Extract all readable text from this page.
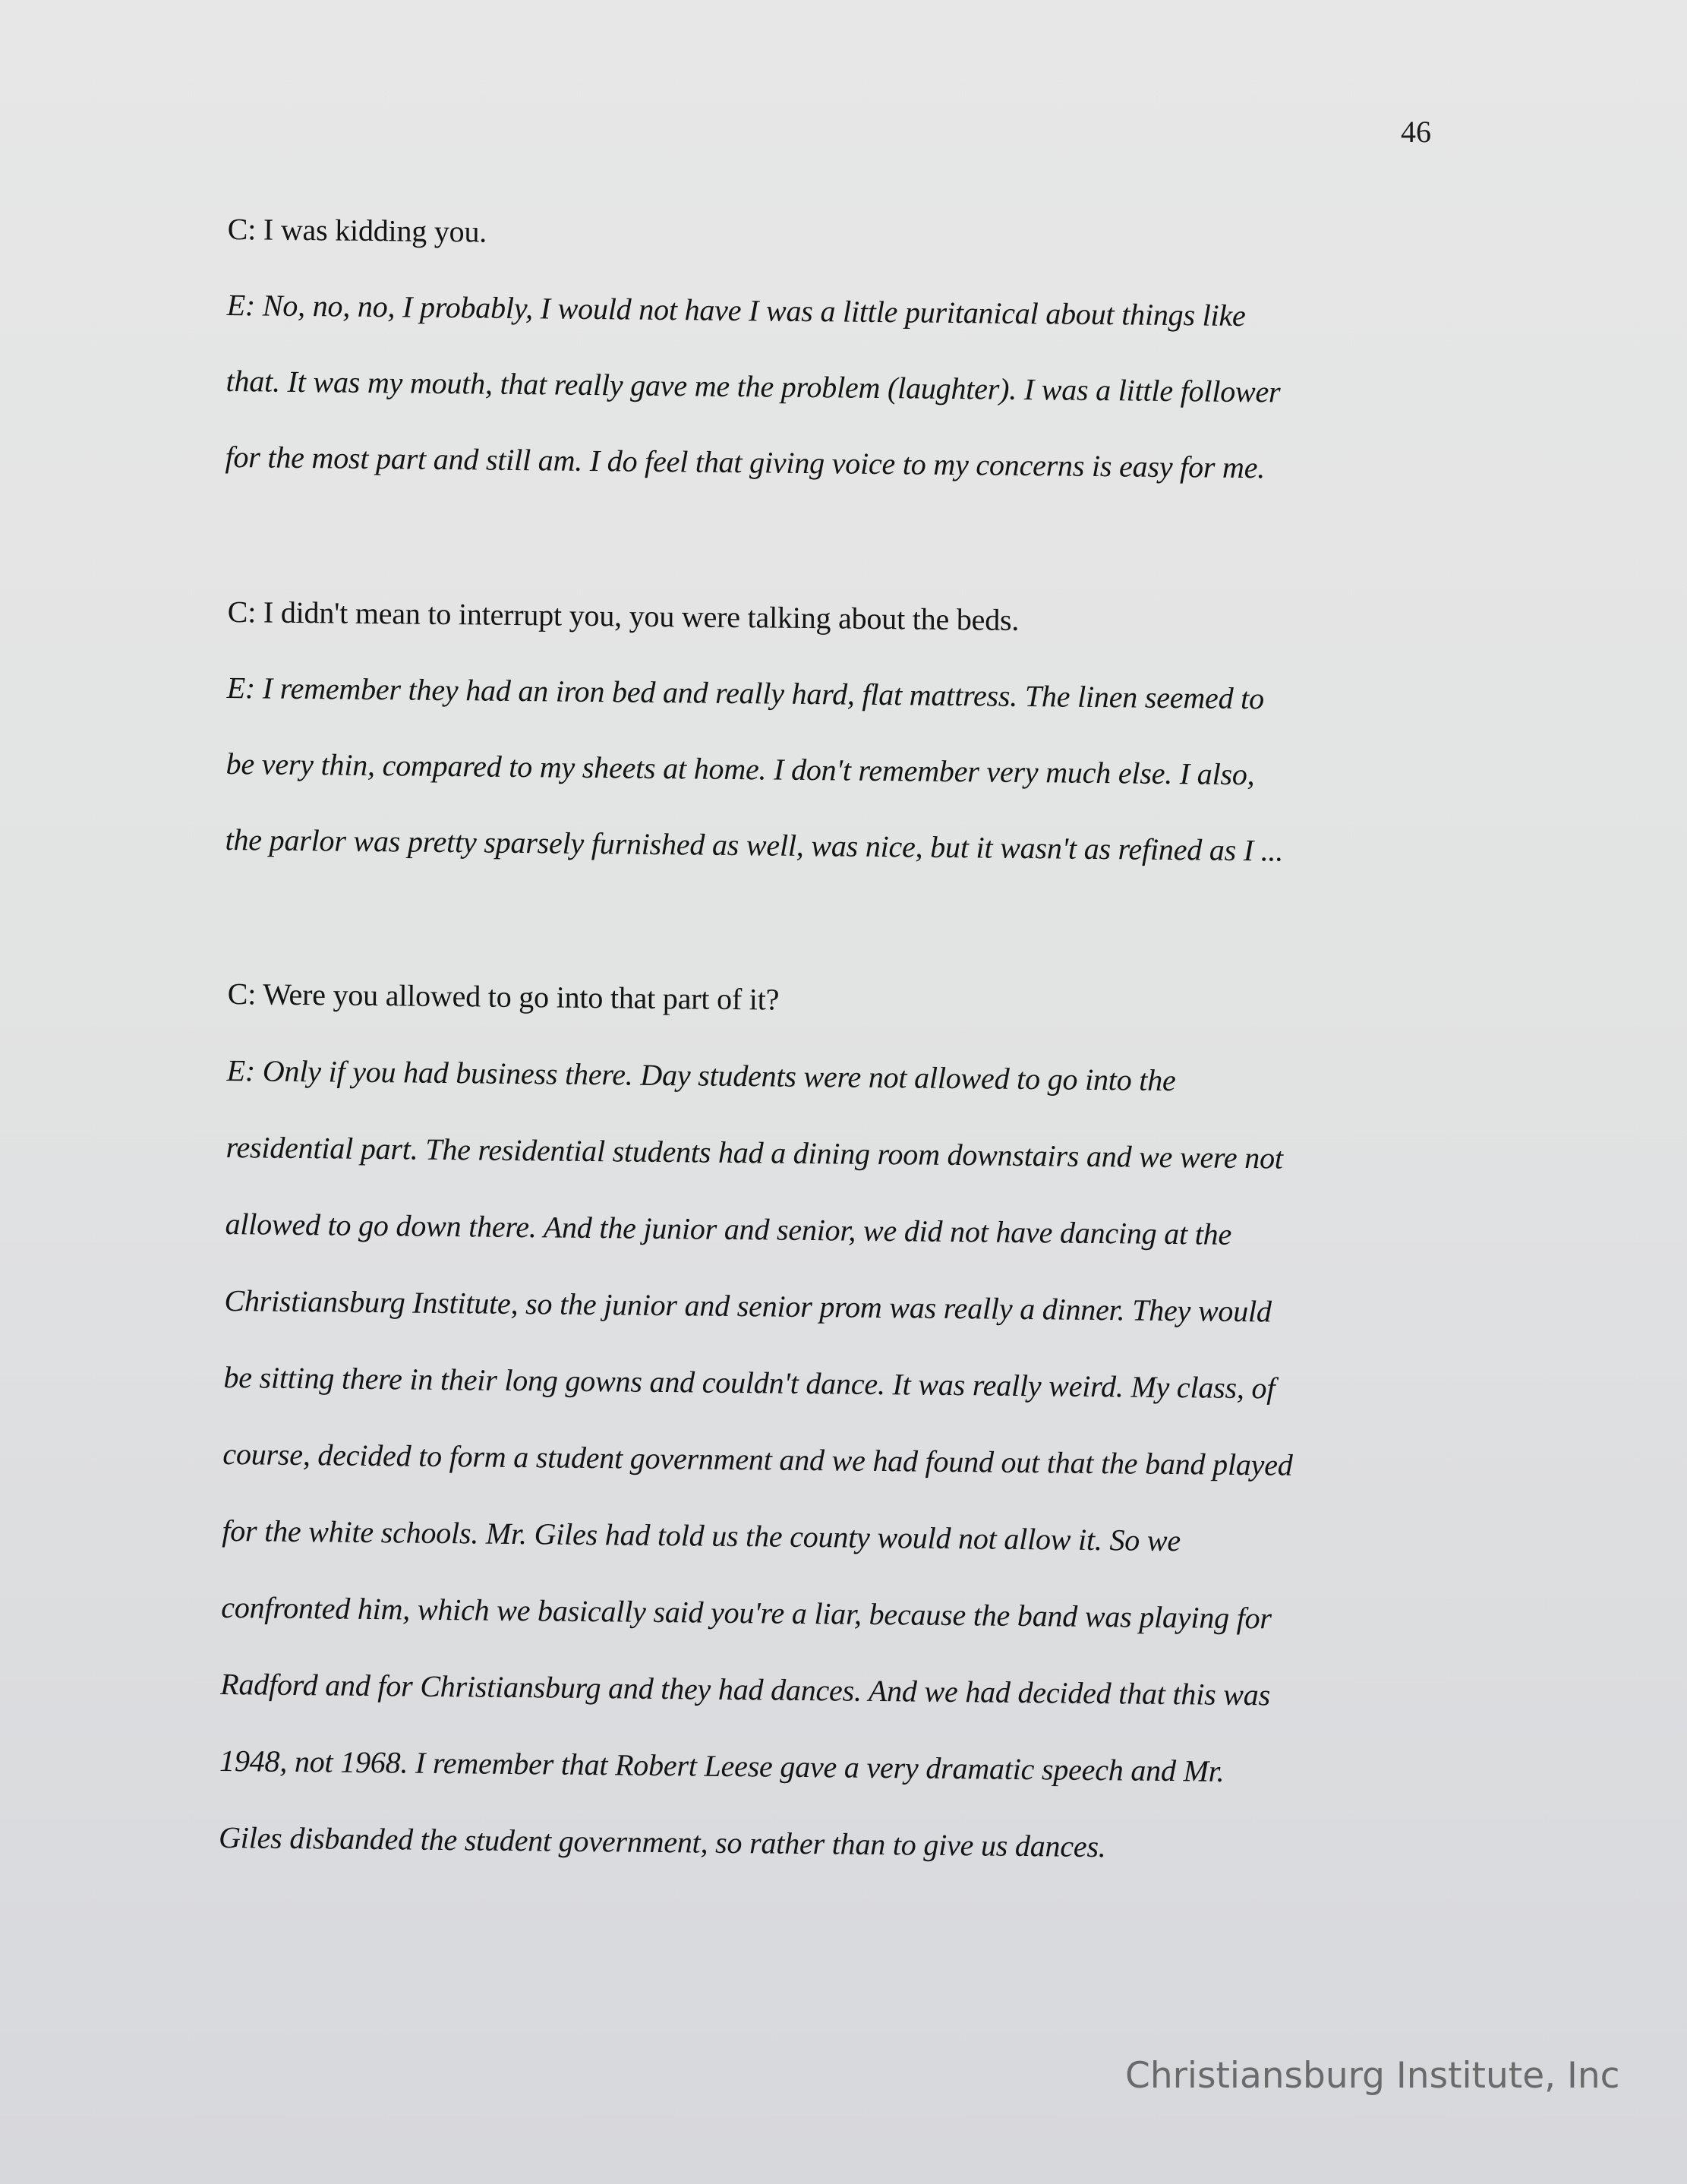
46

C: I was kidding you.

E: No, no, no, I probably, I would not have I was a little puritanical about things like

that. It was my mouth, that really gave me the problem (laughter). I was a little follower

for the most part and still am. I do feel that giving voice to my concerns is easy for me.

C: I didn't mean to interrupt you, you were talking about the beds.

E: I remember they had an iron bed and really hard, flat mattress. The linen seemed to

be very thin, compared to my sheets at home. I don't remember very much else. I also,

the parlor was pretty sparsely furnished as well, was nice, but it wasn't as refined as I ...

C: Were you allowed to go into that part of it?

E: Only if you had business there. Day students were not allowed to go into the

residential part. The residential students had a dining room downstairs and we were not

allowed to go down there. And the junior and senior, we did not have dancing at the

Christiansburg Institute, so the junior and senior prom was really a dinner. They would

be sitting there in their long gowns and couldn't dance. It was really weird. My class, of

course, decided to form a student government and we had found out that the band played

for the white schools. Mr. Giles had told us the county would not allow it. So we

confronted him, which we basically said you're a liar, because the band was playing for

Radford and for Christiansburg and they had dances. And we had decided that this was

1948, not 1968. I remember that Robert Leese gave a very dramatic speech and Mr.

Giles disbanded the student government, so rather than to give us dances.

Christiansburg Institute, Inc
